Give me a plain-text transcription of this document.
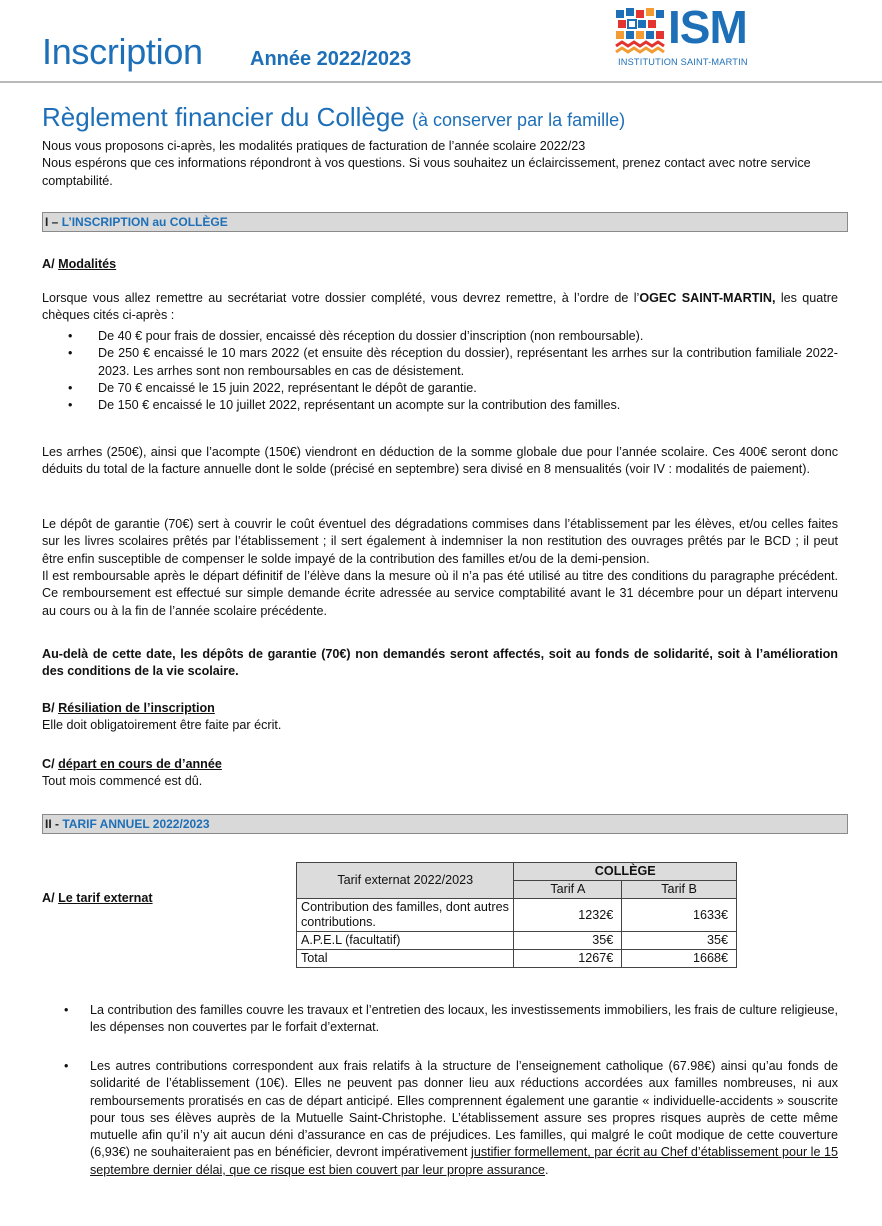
Inscription Année 2022/2023
ISM
INSTITUTION SAINT-MARTIN
Règlement financier du Collège (à conserver par la famille)
Nous vous proposons ci-après, les modalités pratiques de facturation de l’année scolaire 2022/23
Nous espérons que ces informations répondront à vos questions. Si vous souhaitez un éclaircissement, prenez contact avec notre service comptabilité.
I – L’INSCRIPTION au COLLÈGE
A/ Modalités
Lorsque vous allez remettre au secrétariat votre dossier complété, vous devrez remettre, à l’ordre de l’OGEC SAINT-MARTIN, les quatre chèques cités ci-après :
• De 40 € pour frais de dossier, encaissé dès réception du dossier d’inscription (non remboursable).
• De 250 € encaissé le 10 mars 2022 (et ensuite dès réception du dossier), représentant les arrhes sur la contribution familiale 2022-2023. Les arrhes sont non remboursables en cas de désistement.
• De 70 € encaissé le 15 juin 2022, représentant le dépôt de garantie.
• De 150 € encaissé le 10 juillet 2022, représentant un acompte sur la contribution des familles.
Les arrhes (250€), ainsi que l’acompte (150€) viendront en déduction de la somme globale due pour l’année scolaire. Ces 400€ seront donc déduits du total de la facture annuelle dont le solde (précisé en septembre) sera divisé en 8 mensualités (voir IV : modalités de paiement).
Le dépôt de garantie (70€) sert à couvrir le coût éventuel des dégradations commises dans l’établissement par les élèves, et/ou celles faites sur les livres scolaires prêtés par l’établissement ; il sert également à indemniser la non restitution des ouvrages prêtés par le BCD ; il peut être enfin susceptible de compenser le solde impayé de la contribution des familles et/ou de la demi-pension.
Il est remboursable après le départ définitif de l’élève dans la mesure où il n’a pas été utilisé au titre des conditions du paragraphe précédent. Ce remboursement est effectué sur simple demande écrite adressée au service comptabilité avant le 31 décembre pour un départ intervenu au cours ou à la fin de l’année scolaire précédente.
Au-delà de cette date, les dépôts de garantie (70€) non demandés seront affectés, soit au fonds de solidarité, soit à l’amélioration des conditions de la vie scolaire.
B/ Résiliation de l’inscription
Elle doit obligatoirement être faite par écrit.
C/ départ en cours de d’année
Tout mois commencé est dû.
II - TARIF ANNUEL 2022/2023
A/ Le tarif externat
Tarif externat 2022/2023	COLLÈGE	
	Tarif A	Tarif B
Contribution des familles, dont autres contributions.	1232€	1633€
A.P.E.L (facultatif)	35€	35€
Total	1267€	1668€
• La contribution des familles couvre les travaux et l’entretien des locaux, les investissements immobiliers, les frais de culture religieuse, les dépenses non couvertes par le forfait d’externat.
• Les autres contributions correspondent aux frais relatifs à la structure de l’enseignement catholique (67.98€) ainsi qu’au fonds de solidarité de l’établissement (10€). Elles ne peuvent pas donner lieu aux réductions accordées aux familles nombreuses, ni aux remboursements proratisés en cas de départ anticipé. Elles comprennent également une garantie « individuelle-accidents » souscrite pour tous ses élèves auprès de la Mutuelle Saint-Christophe. L’établissement assure ses propres risques auprès de cette même mutuelle afin qu’il n’y ait aucun déni d’assurance en cas de préjudices. Les familles, qui malgré le coût modique de cette couverture (6,93€) ne souhaiteraient pas en bénéficier, devront impérativement justifier formellement, par écrit au Chef d’établissement pour le 15 septembre dernier délai, que ce risque est bien couvert par leur propre assurance.
